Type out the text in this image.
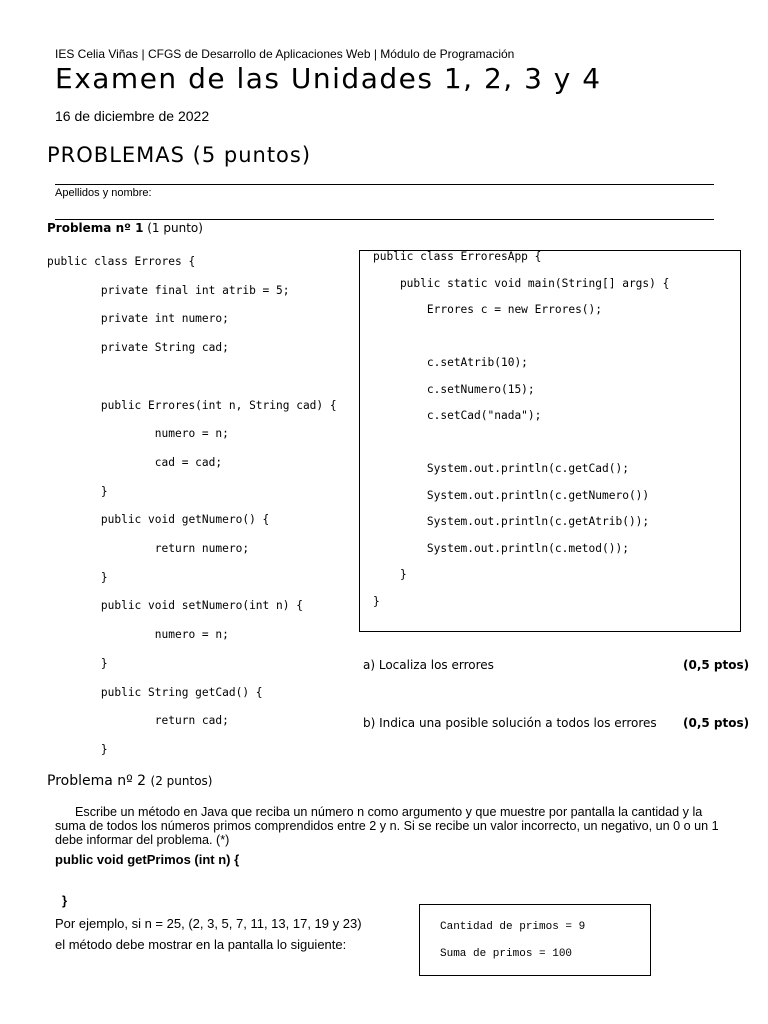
IES Celia Viñas | CFGS de Desarrollo de Aplicaciones Web | Módulo de Programación
Examen de las Unidades 1, 2, 3 y 4
16 de diciembre de 2022
PROBLEMAS (5 puntos)
Apellidos y nombre:
Problema nº 1 (1 punto)
public class Errores {
private final int atrib = 5;
private int numero;
private String cad;
public Errores(int n, String cad) {
numero = n;
cad = cad;
}
public void getNumero() {
return numero;
}
public void setNumero(int n) {
numero = n;
}
public String getCad() {
return cad;
}
public class ErroresApp {
public static void main(String[] args) {
Errores c = new Errores();
c.setAtrib(10);
c.setNumero(15);
c.setCad("nada");
System.out.println(c.getCad();
System.out.println(c.getNumero())
System.out.println(c.getAtrib());
System.out.println(c.metod());
}
}
a) Localiza los errores	(0,5 ptos)
b) Indica una posible solución a todos los errores (0,5 ptos)
Problema nº 2 (2 puntos)
Escribe un método en Java que reciba un número n como argumento y que muestre por pantalla la cantidad y la suma de todos los números primos comprendidos entre 2 y n. Si se recibe un valor incorrecto, un negativo, un 0 o un 1 debe informar del problema. (*)
public void getPrimos (int n) {
}
Por ejemplo, si n = 25, (2, 3, 5, 7, 11, 13, 17, 19 y 23)
el método debe mostrar en la pantalla lo siguiente:
Cantidad de primos = 9
Suma de primos = 100
